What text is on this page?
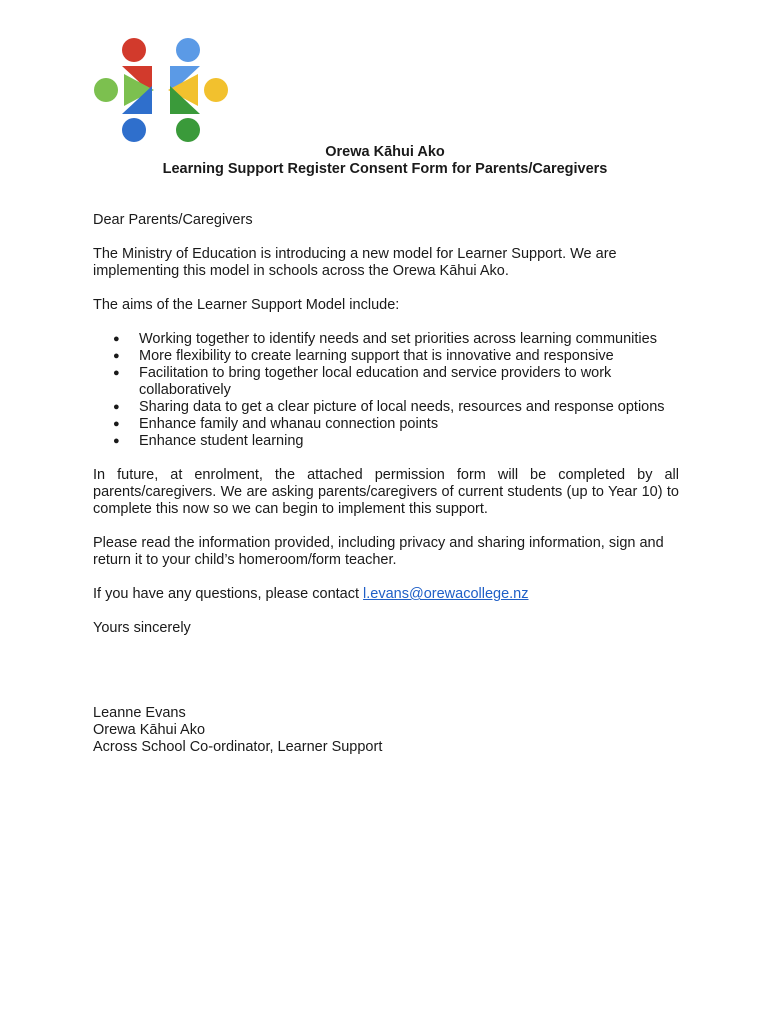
Orewa Kāhui Ako
Learning Support Register Consent Form for Parents/Caregivers

Dear Parents/Caregivers

The Ministry of Education is introducing a new model for Learner Support. We are implementing this model in schools across the Orewa Kāhui Ako.

The aims of the Learner Support Model include:

● Working together to identify needs and set priorities across learning communities
● More flexibility to create learning support that is innovative and responsive
● Facilitation to bring together local education and service providers to work collaboratively
● Sharing data to get a clear picture of local needs, resources and response options
● Enhance family and whanau connection points
● Enhance student learning

In future, at enrolment, the attached permission form will be completed by all parents/caregivers. We are asking parents/caregivers of current students (up to Year 10) to complete this now so we can begin to implement this support.

Please read the information provided, including privacy and sharing information, sign and return it to your child’s homeroom/form teacher.

If you have any questions, please contact l.evans@orewacollege.nz

Yours sincerely

Leanne Evans
Orewa Kāhui Ako
Across School Co-ordinator, Learner Support
